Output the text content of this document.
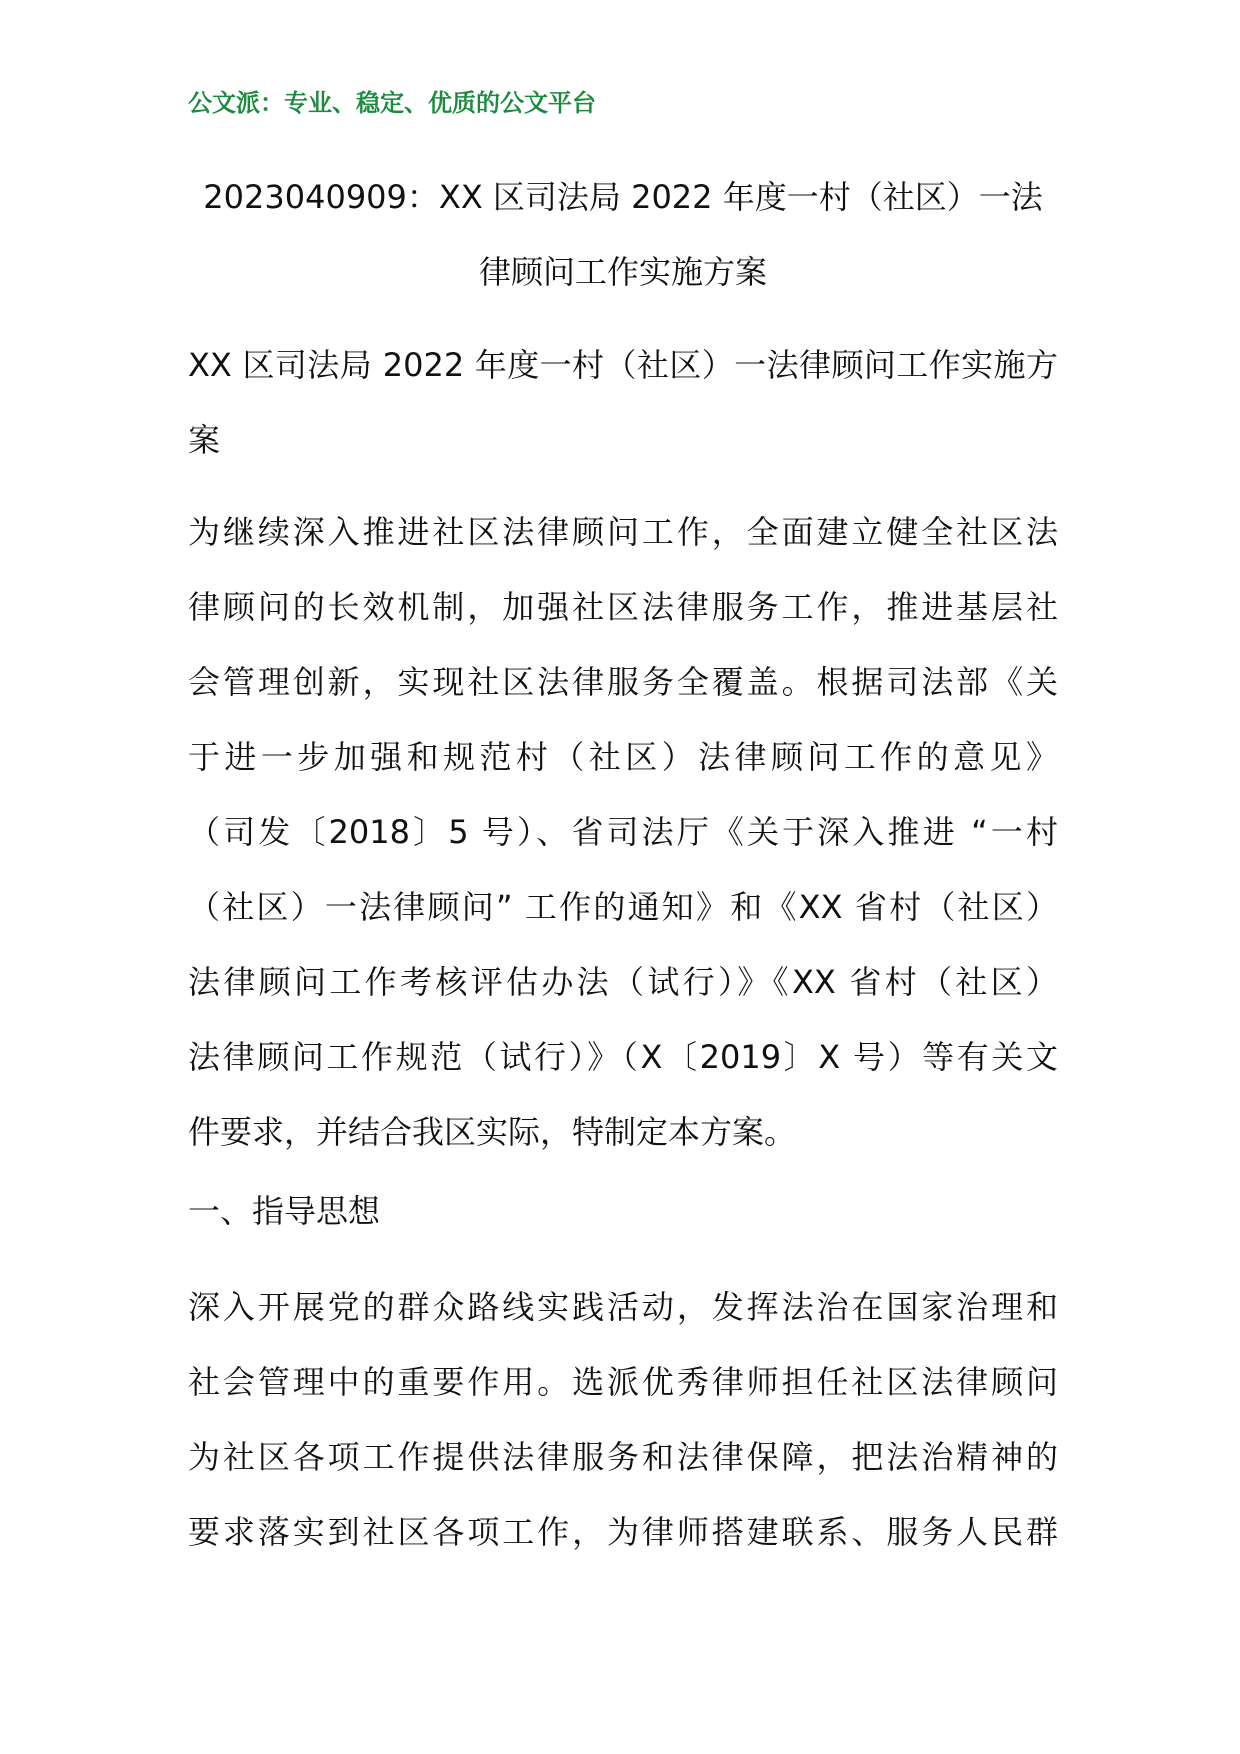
公文派：专业、稳定、优质的公文平台
2023040909：XX 区司法局 2022 年度一村（社区）一法
律顾问工作实施方案

XX 区司法局 2022 年度一村（社区）一法律顾问工作实施方
案

为继续深入推进社区法律顾问工作，全面建立健全社区法
律顾问的长效机制，加强社区法律服务工作，推进基层社
会管理创新，实现社区法律服务全覆盖。根据司法部《关
于进一步加强和规范村（社区）法律顾问工作的意见》
（司发〔2018〕5 号）、省司法厅《关于深入推进 “一村
（社区）一法律顾问” 工作的通知》和《XX 省村（社区）
法律顾问工作考核评估办法（试行）》《XX 省村（社区）
法律顾问工作规范（试行）》（X〔2019〕X 号）等有关文
件要求，并结合我区实际，特制定本方案。

一、指导思想

深入开展党的群众路线实践活动，发挥法治在国家治理和
社会管理中的重要作用。选派优秀律师担任社区法律顾问
为社区各项工作提供法律服务和法律保障，把法治精神的
要求落实到社区各项工作，为律师搭建联系、服务人民群
